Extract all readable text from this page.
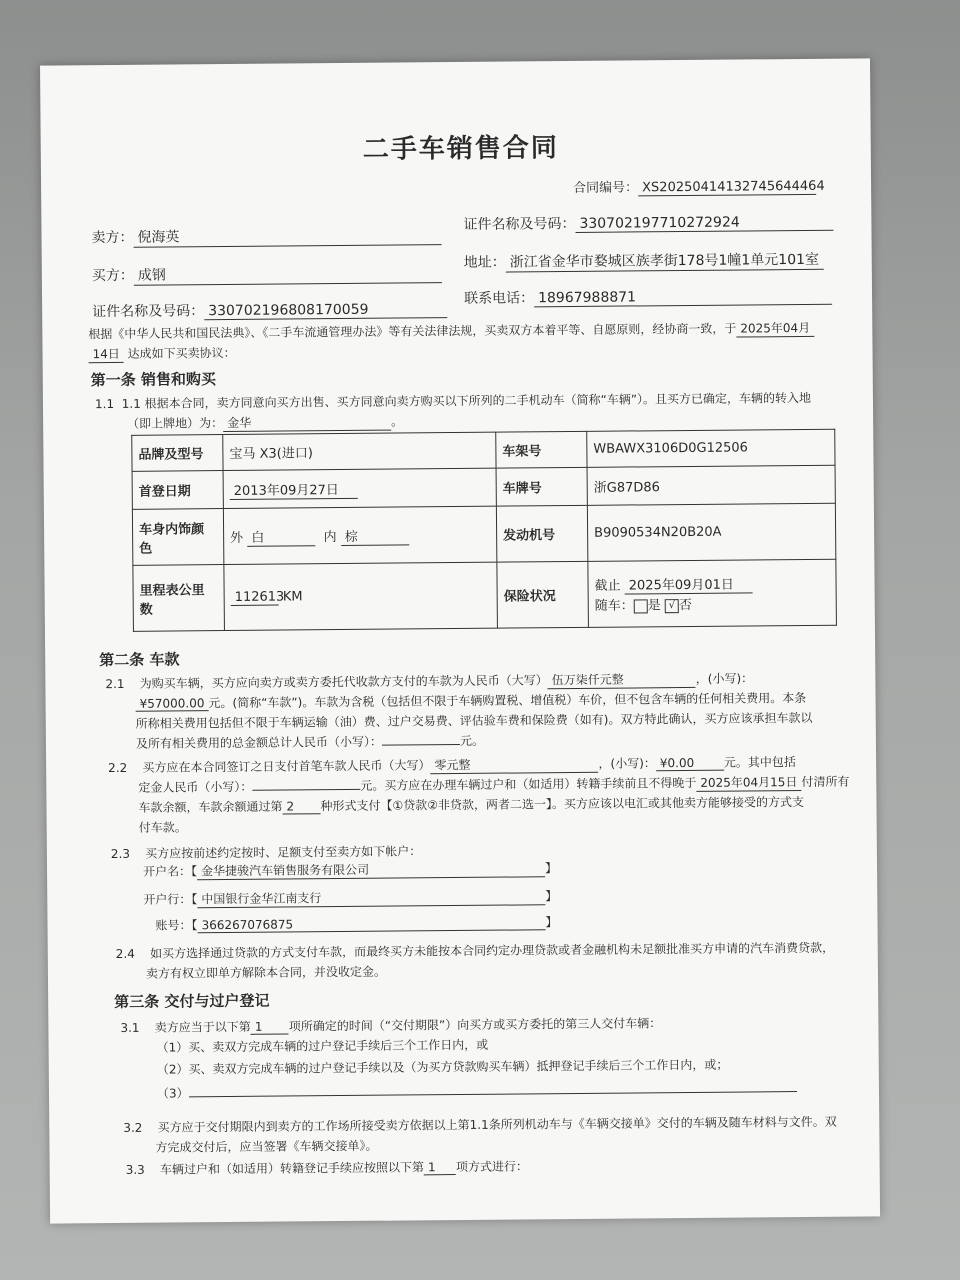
二手车销售合同
合同编号： XS20250414132745644464
卖方： 倪海英
证件名称及号码： 330702197710272924
买方： 成钢
地址： 浙江省金华市婺城区族孝街178号1幢1单元101室
证件名称及号码： 330702196808170059
联系电话： 18967988871
根据《中华人民共和国民法典》、《二手车流通管理办法》等有关法律法规，买卖双方本着平等、自愿原则，经协商一致，于 2025年04月
14日 达成如下买卖协议：
第一条 销售和购买
1.1 1.1 根据本合同，卖方同意向买方出售、买方同意向卖方购买以下所列的二手机动车（简称“车辆”）。且买方已确定，车辆的转入地
（即上牌地）为： 金华	。
品牌及型号	宝马 X3(进口)	车架号	WBAWX3106D0G12506
首登日期	2013年09月27日	车牌号	浙G87D86
车身内饰颜
色	外 白 内 棕	发动机号	B9090534N20B20A
里程表公里
数	112613 KM	保险状况	截止 2025年09月01日
随车： 是 √ 否
第二条 车款
2.1 为购买车辆，买方应向卖方或卖方委托代收款方支付的车款为人民币（大写） 伍万柒仟元整	，(小写)：
¥57000.00 元。(简称“车款”)。车款为含税（包括但不限于车辆购置税、增值税）车价，但不包含车辆的任何相关费用。本条
所称相关费用包括但不限于车辆运输（油）费、过户交易费、评估验车费和保险费（如有)。双方特此确认，买方应该承担车款以
及所有相关费用的总金额总计人民币（小写）：	元。
2.2 买方应在本合同签订之日支付首笔车款人民币（大写） 零元整	，(小写)： ¥0.00 元。其中包括
定金人民币（小写）：	元。买方应在办理车辆过户和（如适用）转籍手续前且不得晚于 2025年04月15日 付清所有
车款余额，车款余额通过第 2 种形式支付【①贷款②非贷款，两者二选一】。买方应该以电汇或其他卖方能够接受的方式支
付车款。
2.3 买方应按前述约定按时、足额支付至卖方如下帐户：
开户名：【 金华捷骏汽车销售服务有限公司	】
开户行：【 中国银行金华江南支行	】
账号：【 366267076875	】
2.4 如买方选择通过贷款的方式支付车款，而最终买方未能按本合同约定办理贷款或者金融机构未足额批准买方申请的汽车消费贷款，
卖方有权立即单方解除本合同，并没收定金。
第三条 交付与过户登记
3.1 卖方应当于以下第 1 项所确定的时间（“交付期限”）向买方或买方委托的第三人交付车辆：
（1）买、卖双方完成车辆的过户登记手续后三个工作日内，或
（2）买、卖双方完成车辆的过户登记手续以及（为买方贷款购买车辆）抵押登记手续后三个工作日内，或；
（3）
3.2 买方应于交付期限内到卖方的工作场所接受卖方依据以上第1.1条所列机动车与《车辆交接单》交付的车辆及随车材料与文件。双
方完成交付后，应当签署《车辆交接单》。
3.3 车辆过户和（如适用）转籍登记手续应按照以下第 1 项方式进行：
